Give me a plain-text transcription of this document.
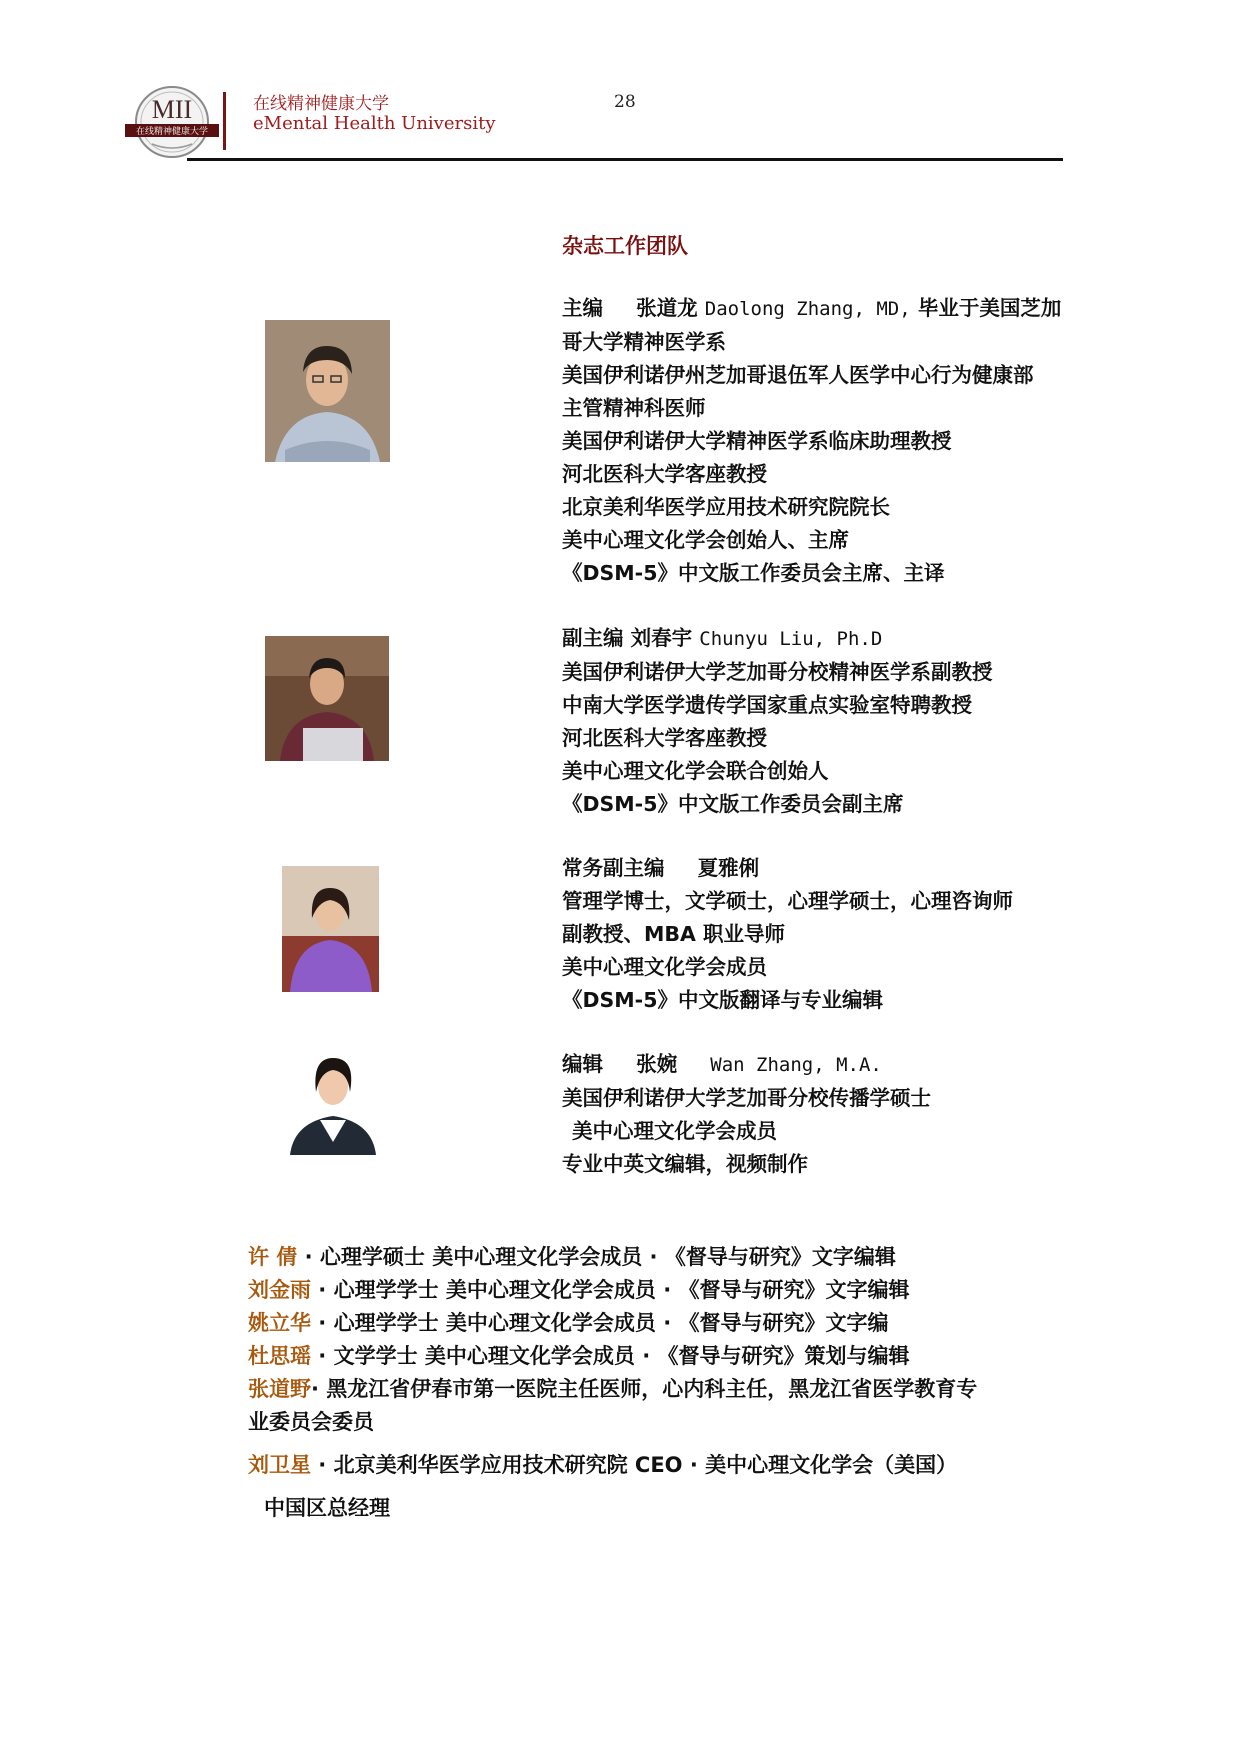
MII
在线精神健康大学
在线精神健康大学
eMental Health University
28
杂志工作团队
主编 张道龙 Daolong Zhang, MD, 毕业于美国芝加
哥大学精神医学系
美国伊利诺伊州芝加哥退伍军人医学中心行为健康部
主管精神科医师
美国伊利诺伊大学精神医学系临床助理教授
河北医科大学客座教授
北京美利华医学应用技术研究院院长
美中心理文化学会创始人、主席
《DSM-5》中文版工作委员会主席、主译
副主编 刘春宇 Chunyu Liu, Ph.D
美国伊利诺伊大学芝加哥分校精神医学系副教授
中南大学医学遗传学国家重点实验室特聘教授
河北医科大学客座教授
美中心理文化学会联合创始人
《DSM-5》中文版工作委员会副主席
常务副主编 夏雅俐
管理学博士，文学硕士，心理学硕士，心理咨询师
副教授、MBA 职业导师
美中心理文化学会成员
《DSM-5》中文版翻译与专业编辑
编辑 张婉 Wan Zhang, M.A.
美国伊利诺伊大学芝加哥分校传播学硕士
美中心理文化学会成员
专业中英文编辑，视频制作
许 倩 · 心理学硕士 美中心理文化学会成员 · 《督导与研究》文字编辑
刘金雨 · 心理学学士 美中心理文化学会成员 · 《督导与研究》文字编辑
姚立华 · 心理学学士 美中心理文化学会成员 · 《督导与研究》文字编
杜思瑶 · 文学学士 美中心理文化学会成员 · 《督导与研究》策划与编辑
张道野· 黑龙江省伊春市第一医院主任医师，心内科主任，黑龙江省医学教育专
业委员会委员
刘卫星 · 北京美利华医学应用技术研究院 CEO · 美中心理文化学会（美国）
中国区总经理
